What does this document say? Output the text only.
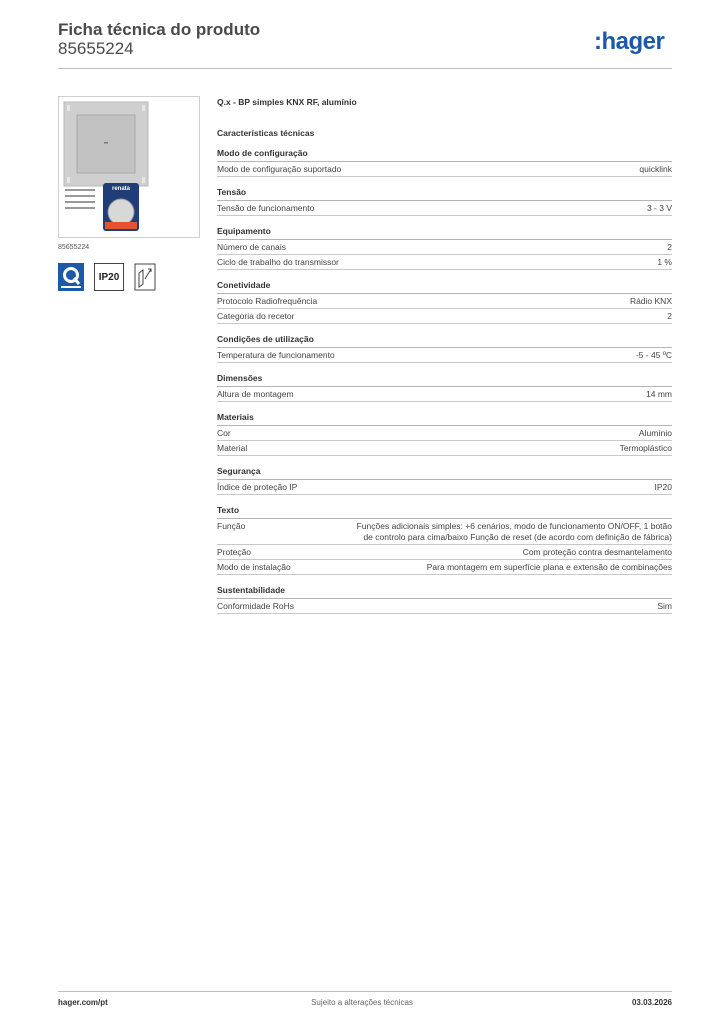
Ficha técnica do produto
85655224	:hager
renata
85655224
IP20
Q.x - BP simples KNX RF, alumínio
Características técnicas
Modo de configuração
Modo de configuração suportado	quicklink
Tensão
Tensão de funcionamento	3 - 3 V
Equipamento
Número de canais	2
Ciclo de trabalho do transmissor	1 %
Conetividade
Protocolo Radiofrequência	Rádio KNX
Categoria do recetor	2
Condições de utilização
Temperatura de funcionamento	-5 - 45 ºC
Dimensões
Altura de montagem	14 mm
Materiais
Cor	Alumínio
Material	Termoplástico
Segurança
Índice de proteção IP	IP20
Texto
Função	Funções adicionais simples: +6 cenários, modo de funcionamento ON/OFF, 1 botão de controlo para cima/baixo Função de reset (de acordo com definição de fábrica)
Proteção	Com proteção contra desmantelamento
Modo de instalação	Para montagem em superfície plana e extensão de combinações
Sustentabilidade
Conformidade RoHs	Sim
hager.com/pt	Sujeito a alterações técnicas	03.03.2026
